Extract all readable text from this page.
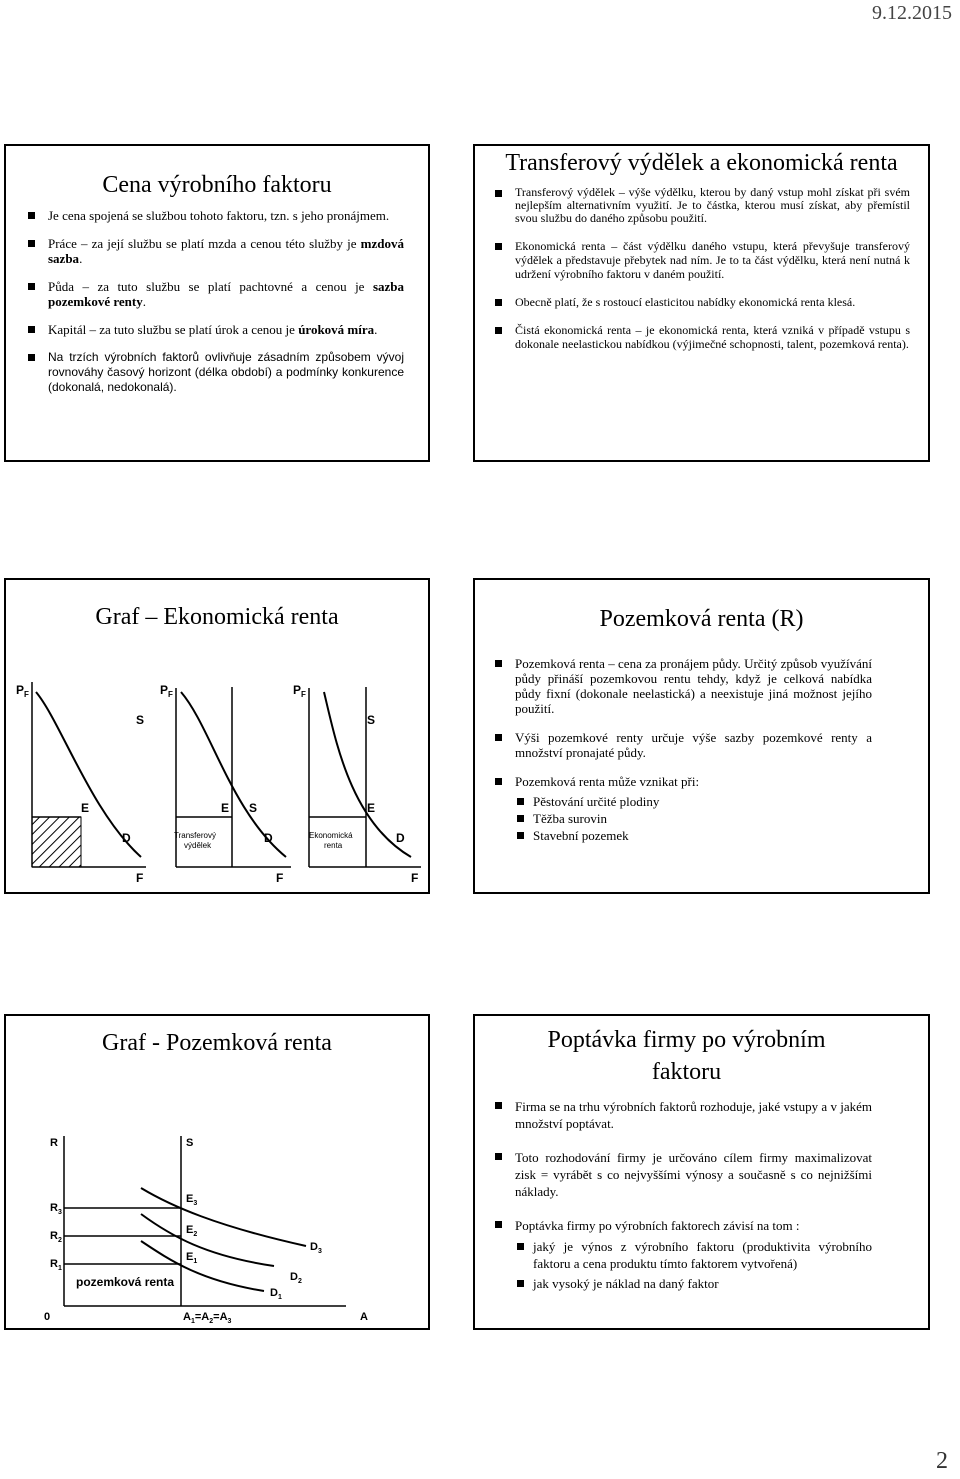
9.12.2015
Cena výrobního faktoru
Je cena spojená se službou tohoto faktoru, tzn. s jeho pronájmem.
Práce – za její službu se platí mzda a cenou této služby je mzdová sazba.
Půda – za tuto službu se platí pachtovné a cenou je sazba pozemkové renty.
Kapitál – za tuto službu se platí úrok a cenou je úroková míra.
Na trzích výrobních faktorů ovlivňuje zásadním způsobem vývoj rovnováhy časový horizont (délka období) a podmínky konkurence (dokonalá, nedokonalá).
Transferový výdělek a ekonomická renta
Transferový výdělek – výše výdělku, kterou by daný vstup mohl získat při svém nejlepším alternativním využití. Je to částka, kterou musí získat, aby přemístil svou službu do daného způsobu použití.
Ekonomická renta – část výdělku daného vstupu, která převyšuje transferový výdělek a představuje přebytek nad ním. Je to ta část výdělku, která není nutná k udržení výrobního faktoru v daném použití.
Obecně platí, že s rostoucí elasticitou nabídky ekonomická renta klesá.
Čistá ekonomická renta – je ekonomická renta, která vzniká v případě vstupu s dokonale neelastickou nabídkou (výjimečné schopnosti, talent, pozemková renta).
Graf – Ekonomická renta
$P_F$
S
E
D
F
$P_F$
E S
D
F
Transferový
výdělek
$P_F$
S
E
D
F
Ekonomická
renta
Pozemková renta (R)
Pozemková renta – cena za pronájem půdy. Určitý způsob využívání půdy přináší pozemkovou rentu tehdy, když je celková nabídka půdy fixní (dokonale neelastická) a neexistuje jiná možnost jejího použití.
Výši pozemkové renty určuje výše sazby pozemkové renty a množství pronajaté půdy.
Pozemková renta může vznikat při:
Pěstování určité plodiny
Těžba surovin
Stavební pozemek
Graf - Pozemková renta
R	S
$R_3$
$R_2$
$R_1$
$E_3$
$E_2$
$E_1$
$D_3$
$D_2$
$D_1$
pozemková renta
0	$A_1=A_2=A_3$	A
Poptávka firmy po výrobním faktoru
Firma se na trhu výrobních faktorů rozhoduje, jaké vstupy a v jakém množství poptávat.
Toto rozhodování firmy je určováno cílem firmy maximalizovat zisk = vyrábět s co nejvyššími výnosy a současně s co nejnižšími náklady.
Poptávka firmy po výrobních faktorech závisí na tom :
jaký je výnos z výrobního faktoru (produktivita výrobního faktoru a cena produktu tímto faktorem vytvořená)
jak vysoký je náklad na daný faktor
2
